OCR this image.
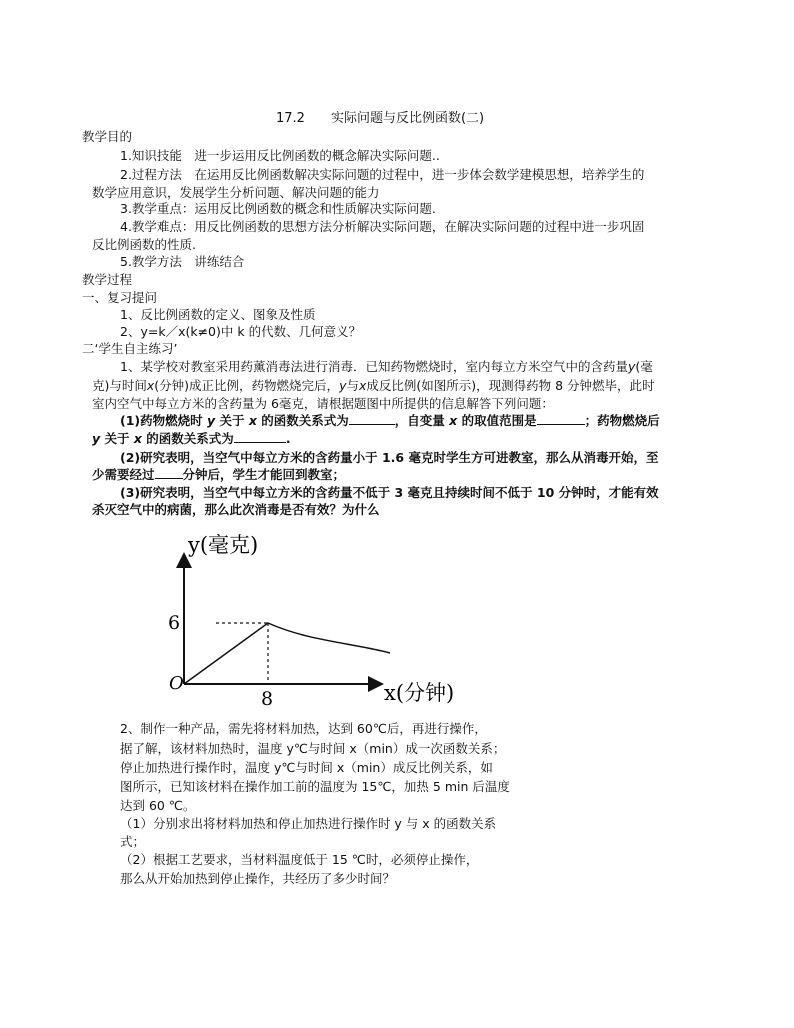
17.2 实际问题与反比例函数(二)
教学目的
1.知识技能　进一步运用反比例函数的概念解决实际问题..
2.过程方法　在运用反比例函数解决实际问题的过程中，进一步体会数学建模思想，培养学生的
数学应用意识，发展学生分析问题、解决问题的能力
3.教学重点：运用反比例函数的概念和性质解决实际问题.
4.教学难点：用反比例函数的思想方法分析解决实际问题，在解决实际问题的过程中进一步巩固
反比例函数的性质.
5.教学方法　讲练结合
教学过程
一、复习提问
1、反比例函数的定义、图象及性质
2、y=k／x(k≠0)中 k 的代数、几何意义？
二‘学生自主练习’
1、某学校对教室采用药薰消毒法进行消毒．已知药物燃烧时，室内每立方米空气中的含药量y(毫
克)与时间x(分钟)成正比例，药物燃烧完后，y与x成反比例(如图所示)，现测得药物 8 分钟燃毕，此时
室内空气中每立方米的含药量为 6毫克，请根据题图中所提供的信息解答下列问题：
(1)药物燃烧时 y 关于 x 的函数关系式为	，自变量 x 的取值范围是	；药物燃烧后
y 关于 x 的函数关系式为	.
(2)研究表明，当空气中每立方米的含药量小于 1.6 毫克时学生方可进教室，那么从消毒开始，至
少需要经过 分钟后，学生才能回到教室；
(3)研究表明，当空气中每立方米的含药量不低于 3 毫克且持续时间不低于 10 分钟时，才能有效
杀灭空气中的病菌，那么此次消毒是否有效？为什么
y(毫克)
6
8
O	x(分钟)
2、制作一种产品，需先将材料加热，达到 60℃后，再进行操作，
据了解，该材料加热时，温度 y℃与时间 x（min）成一次函数关系；
停止加热进行操作时，温度 y℃与时间 x（min）成反比例关系，如
图所示，已知该材料在操作加工前的温度为 15℃，加热 5 min 后温度
达到 60 ℃。
（1）分别求出将材料加热和停止加热进行操作时 y 与 x 的函数关系
式；
（2）根据工艺要求，当材料温度低于 15 ℃时，必须停止操作，
那么从开始加热到停止操作，共经历了多少时间？
